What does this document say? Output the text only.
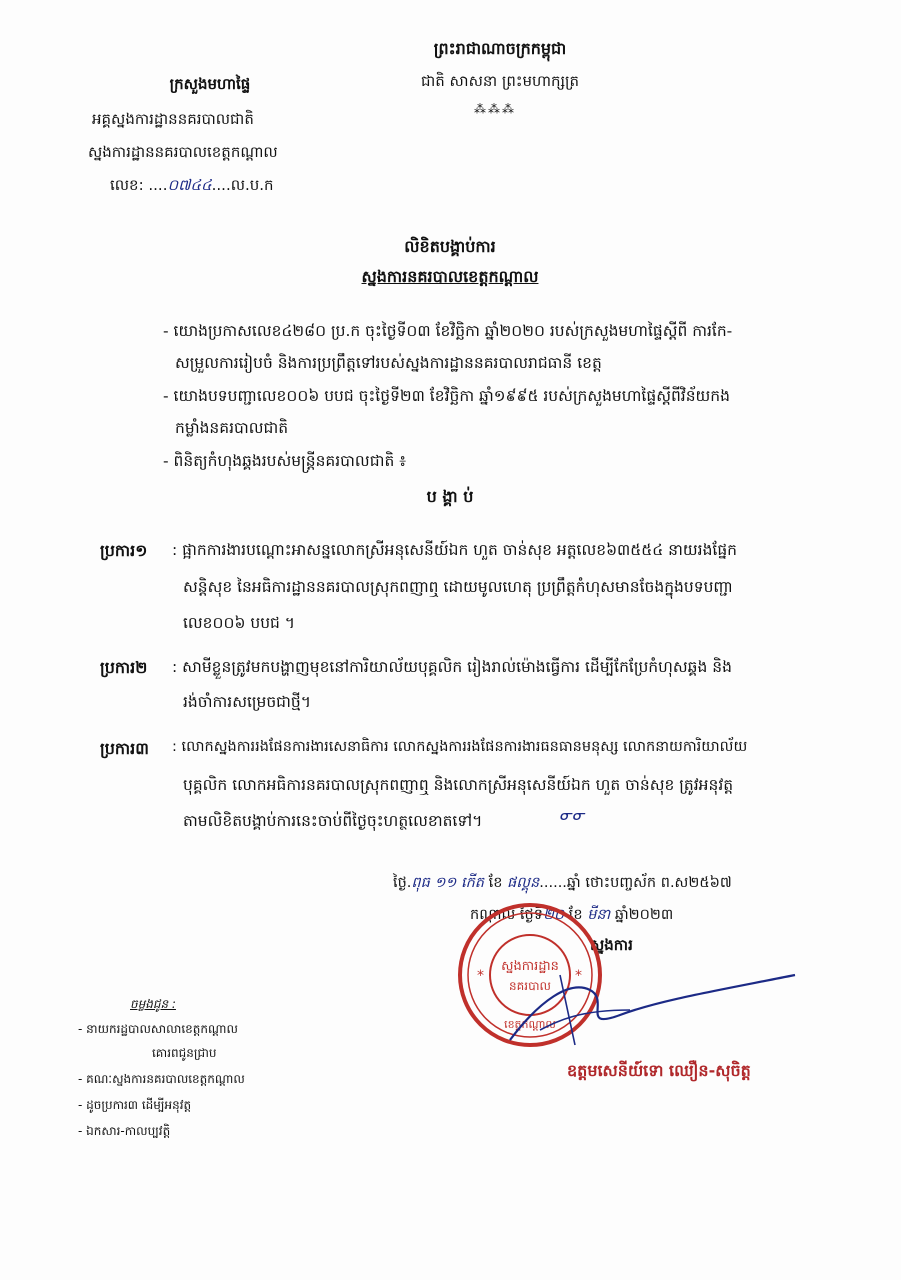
ព្រះរាជាណាចក្រកម្ពុជា
ជាតិ សាសនា ព្រះមហាក្សត្រ
⁂⁂⁂
ក្រសួងមហាផ្ទៃ
អគ្គស្នងការដ្ឋាននគរបាលជាតិ
ស្នងការដ្ឋាននគរបាលខេត្តកណ្តាល
លេខ: ....០៧៤៤....ល.ប.ក
លិខិតបង្គាប់ការ
ស្នងការនគរបាលខេត្តកណ្តាល
- យោងប្រកាសលេខ៤២៨០ ប្រ.ក ចុះថ្ងៃទី០៣ ខែវិច្ឆិកា ឆ្នាំ២០២០ របស់ក្រសួងមហាផ្ទៃស្តីពី ការកែ-
សម្រួលការរៀបចំ និងការប្រព្រឹត្តទៅរបស់ស្នងការដ្ឋាននគរបាលរាជធានី ខេត្ត
- យោងបទបញ្ជាលេខ០០៦ បបជ ចុះថ្ងៃទី២៣ ខែវិច្ឆិកា ឆ្នាំ១៩៩៥ របស់ក្រសួងមហាផ្ទៃស្តីពីវិន័យកង
កម្លាំងនគរបាលជាតិ
- ពិនិត្យកំហុងឆ្គងរបស់មន្ត្រីនគរបាលជាតិ ៖
ប ង្គា ប់
ប្រការ១ : ផ្អាកការងារបណ្តោះអាសន្នលោកស្រីអនុសេនីយ៍ឯក ហួត ចាន់សុខ អត្តលេខ៦៣៥៥៤ នាយរងផ្នែក
សន្តិសុខ នៃអធិការដ្ឋាននគរបាលស្រុកពញាឮ ដោយមូលហេតុ ប្រព្រឹត្តកំហុសមានចែងក្នុងបទបញ្ជា
លេខ០០៦ បបជ ។
ប្រការ២ : សាមីខ្លួនត្រូវមកបង្ហាញមុខនៅការិយាល័យបុគ្គលិក រៀងរាល់ម៉ោងធ្វើការ ដើម្បីកែប្រែកំហុសឆ្គង និង
រង់ចាំការសម្រេចជាថ្មី។
ប្រការ៣ : លោកស្នងការរងផែនការងារសេនាធិការ លោកស្នងការរងផែនការងារធនធានមនុស្ស លោកនាយការិយាល័យ
បុគ្គលិក លោកអធិការនគរបាលស្រុកពញាឮ និងលោកស្រីអនុសេនីយ៍ឯក ហួត ចាន់សុខ ត្រូវអនុវត្ត
តាមលិខិតបង្គាប់ការនេះចាប់ពីថ្ងៃចុះហត្ថលេខាតទៅ។	ᓂᓂ
ថ្ងៃ.ពុធ ១១ កើត ខែ ផល្គុន......ឆ្នាំ ថោះបញ្ចស័ក ព.ស២៥៦៧
កណ្តាល ថ្ងៃទី២០ ខែ មីនា ឆ្នាំ២០២៣
ស្នងការ
ស្នងការដ្ឋាន
នគរបាល
ខេត្តកណ្តាល
*	*
ឧត្តមសេនីយ៍ទោ ឈឿន-សុចិត្ត
ចម្លងជូន :
- នាយករដ្ឋបាលសាលាខេត្តកណ្តាល
គោរពជូនជ្រាប
- គណៈស្នងការនគរបាលខេត្តកណ្តាល
- ដូចប្រការ៣ ដើម្បីអនុវត្ត
- ឯកសារ-កាលប្បវត្តិ
